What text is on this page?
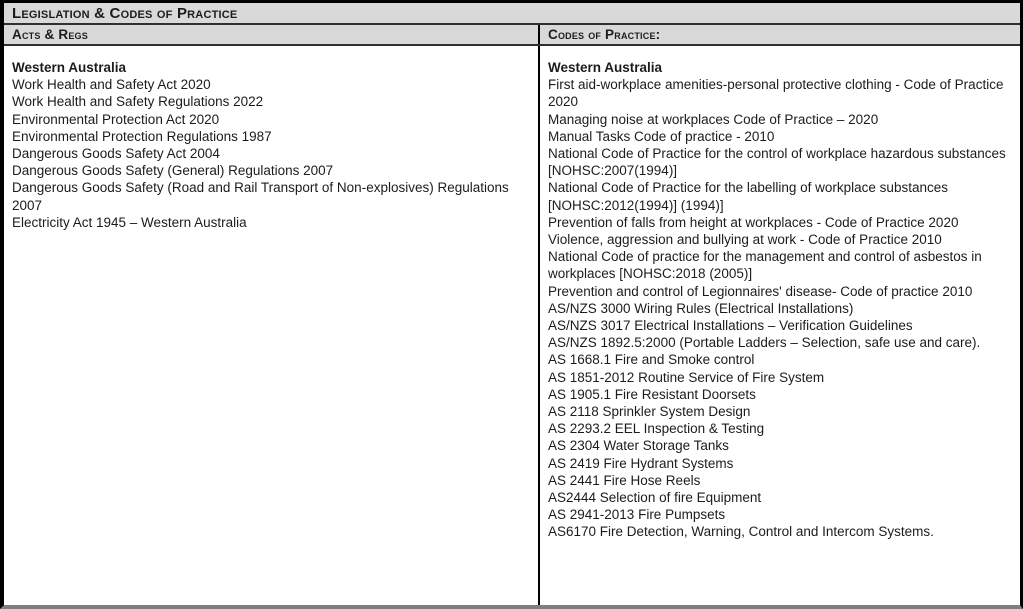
Legislation & Codes of Practice
Acts & Regs	Codes of Practice:
Western Australia
Work Health and Safety Act 2020
Work Health and Safety Regulations 2022
Environmental Protection Act 2020
Environmental Protection Regulations 1987
Dangerous Goods Safety Act 2004
Dangerous Goods Safety (General) Regulations 2007
Dangerous Goods Safety (Road and Rail Transport of Non-explosives) Regulations 2007
Electricity Act 1945 – Western Australia
Western Australia
First aid-workplace amenities-personal protective clothing - Code of Practice 2020
Managing noise at workplaces Code of Practice – 2020
Manual Tasks Code of practice - 2010
National Code of Practice for the control of workplace hazardous substances [NOHSC:2007(1994)]
National Code of Practice for the labelling of workplace substances [NOHSC:2012(1994)] (1994)]
Prevention of falls from height at workplaces - Code of Practice 2020
Violence, aggression and bullying at work - Code of Practice 2010
National Code of practice for the management and control of asbestos in workplaces [NOHSC:2018 (2005)]
Prevention and control of Legionnaires' disease- Code of practice 2010
AS/NZS 3000 Wiring Rules (Electrical Installations)
AS/NZS 3017 Electrical Installations – Verification Guidelines
AS/NZS 1892.5:2000 (Portable Ladders – Selection, safe use and care).
AS 1668.1 Fire and Smoke control
AS 1851-2012 Routine Service of Fire System
AS 1905.1 Fire Resistant Doorsets
AS 2118 Sprinkler System Design
AS 2293.2 EEL Inspection & Testing
AS 2304 Water Storage Tanks
AS 2419 Fire Hydrant Systems
AS 2441 Fire Hose Reels
AS2444 Selection of fire Equipment
AS 2941-2013 Fire Pumpsets
AS6170 Fire Detection, Warning, Control and Intercom Systems.
